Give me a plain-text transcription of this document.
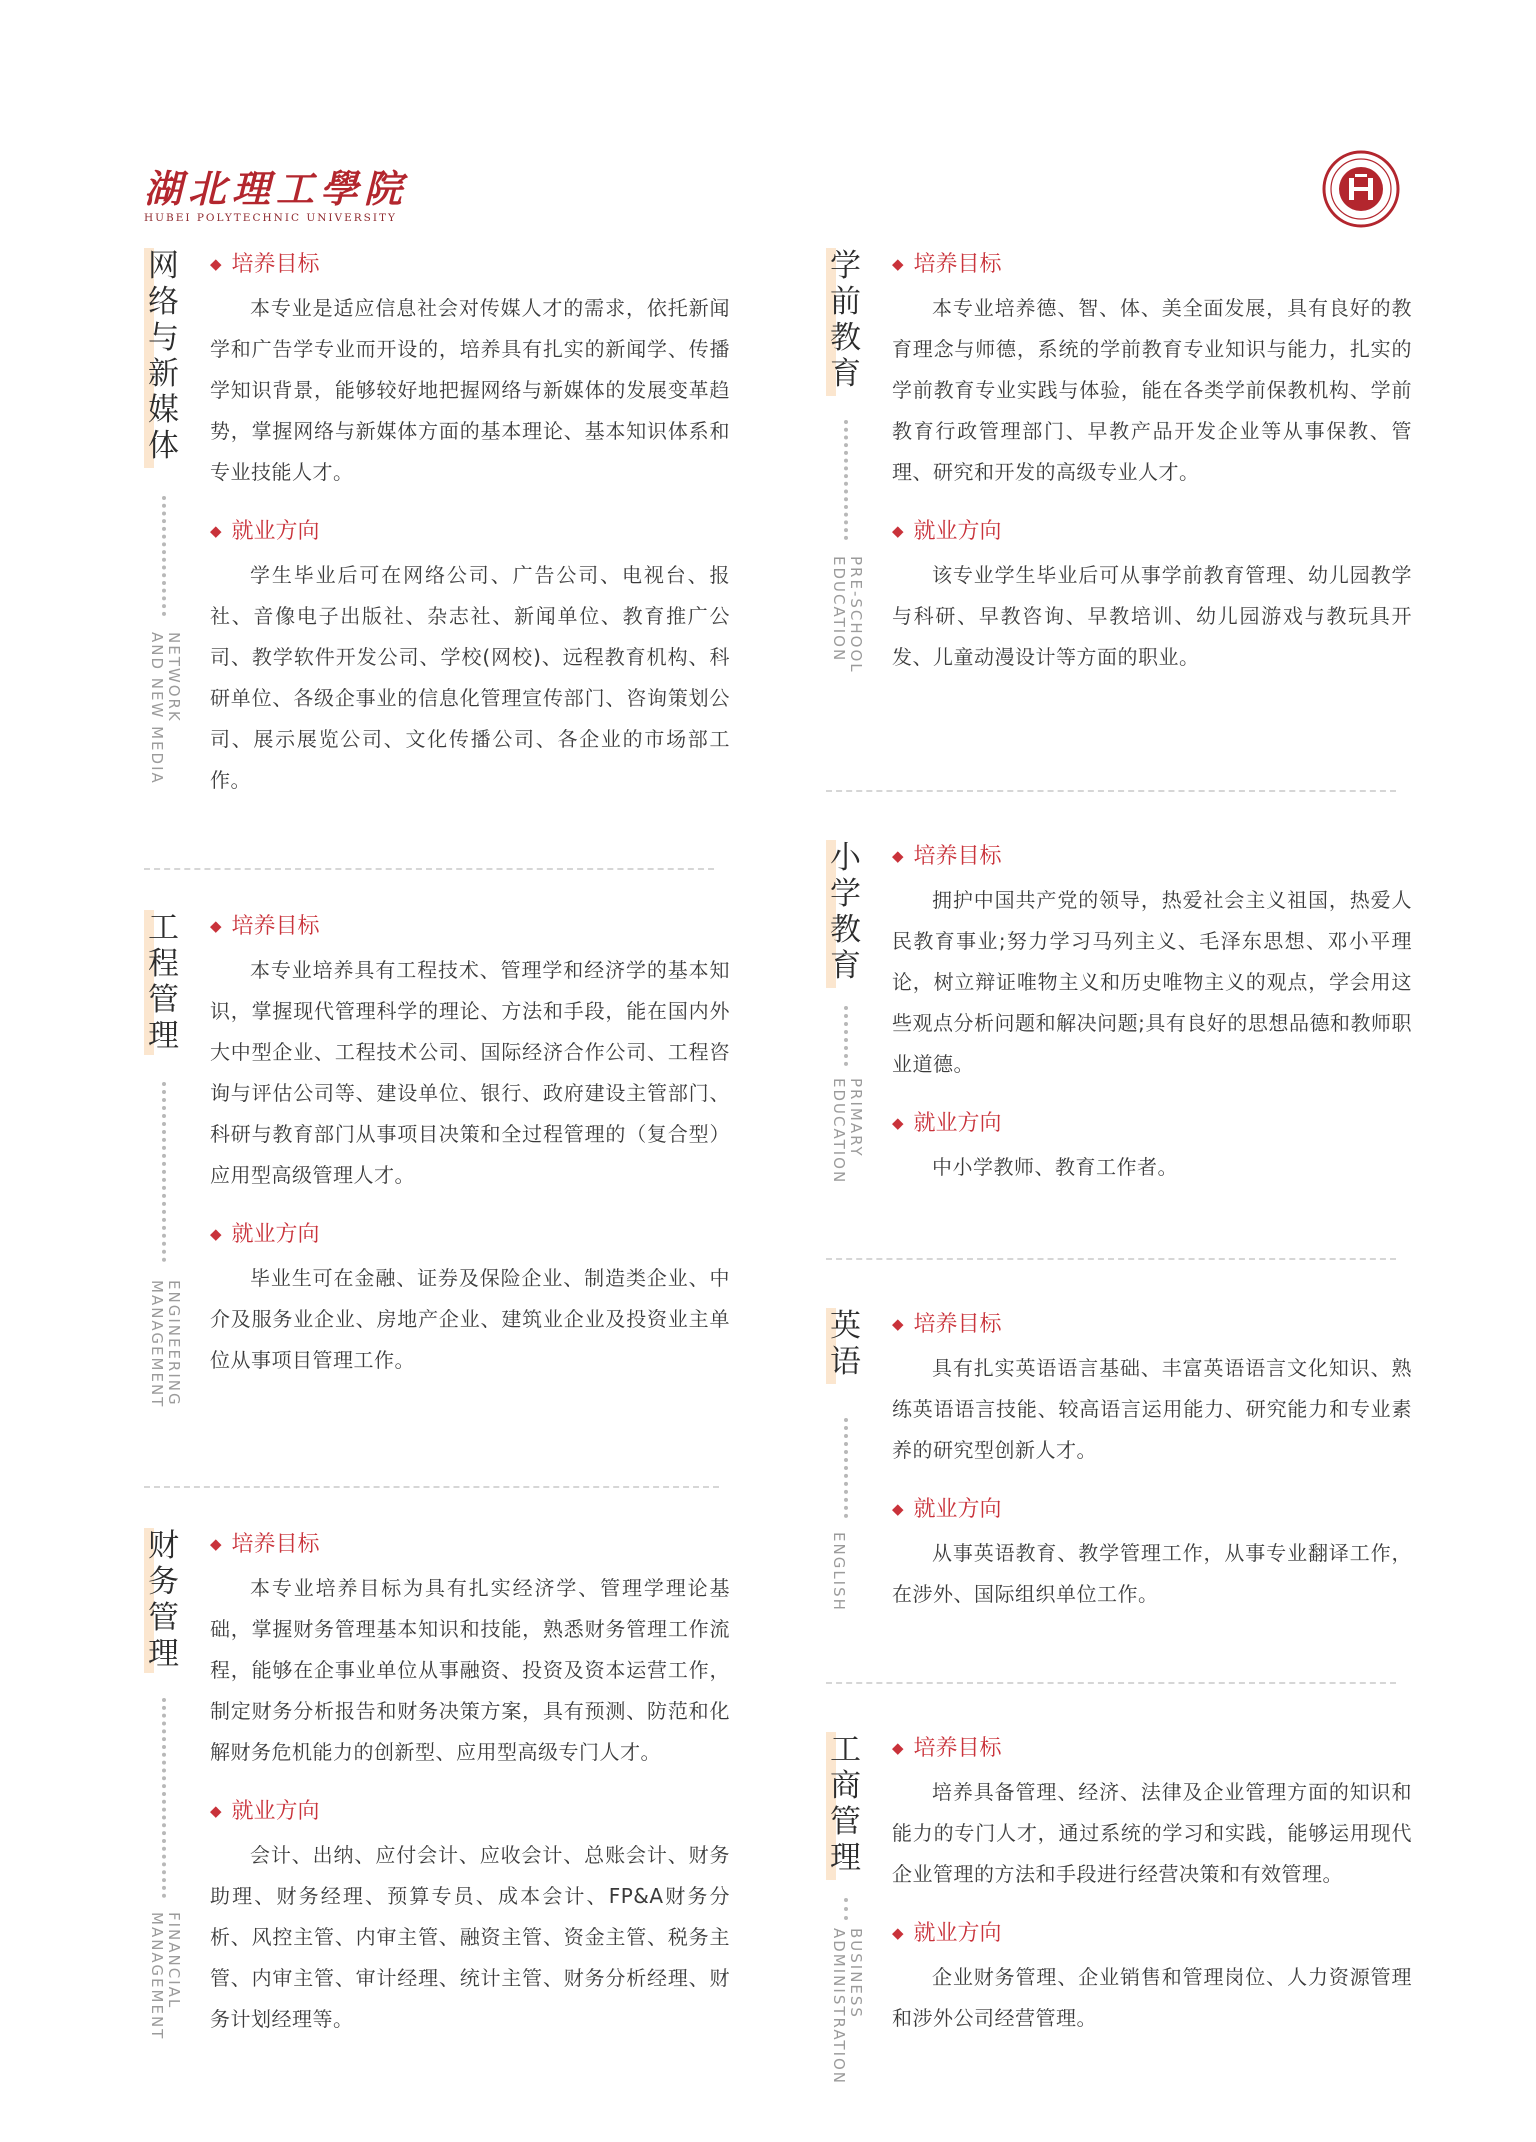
湖北理工學院
HUBEI POLYTECHNIC UNIVERSITY
网络与新媒体
NETWORK
AND NEW MEDIA
◆ 培养目标

本专业是适应信息社会对传媒人才的需求，依托新闻学和广告学专业而开设的，培养具有扎实的新闻学、传播学知识背景，能够较好地把握网络与新媒体的发展变革趋势，掌握网络与新媒体方面的基本理论、基本知识体系和专业技能人才。

◆ 就业方向

学生毕业后可在网络公司、广告公司、电视台、报社、音像电子出版社、杂志社、新闻单位、教育推广公司、教学软件开发公司、学校(网校)、远程教育机构、科研单位、各级企事业的信息化管理宣传部门、咨询策划公司、展示展览公司、文化传播公司、各企业的市场部工作。

工程管理
ENGINEERING
MANAGEMENT
◆ 培养目标

本专业培养具有工程技术、管理学和经济学的基本知识，掌握现代管理科学的理论、方法和手段，能在国内外大中型企业、工程技术公司、国际经济合作公司、工程咨询与评估公司等、建设单位、银行、政府建设主管部门、科研与教育部门从事项目决策和全过程管理的（复合型）应用型高级管理人才。

◆ 就业方向

毕业生可在金融、证券及保险企业、制造类企业、中介及服务业企业、房地产企业、建筑业企业及投资业主单位从事项目管理工作。

财务管理
FINANCIAL
MANAGEMENT
◆ 培养目标

本专业培养目标为具有扎实经济学、管理学理论基础，掌握财务管理基本知识和技能，熟悉财务管理工作流程，能够在企事业单位从事融资、投资及资本运营工作，制定财务分析报告和财务决策方案，具有预测、防范和化解财务危机能力的创新型、应用型高级专门人才。

◆ 就业方向

会计、出纳、应付会计、应收会计、总账会计、财务助理、财务经理、预算专员、成本会计、FP&A财务分析、风控主管、内审主管、融资主管、资金主管、税务主管、内审主管、审计经理、统计主管、财务分析经理、财务计划经理等。

学前教育
PRE-SCHOOL
EDUCATION
◆ 培养目标

本专业培养德、智、体、美全面发展，具有良好的教育理念与师德，系统的学前教育专业知识与能力，扎实的学前教育专业实践与体验，能在各类学前保教机构、学前教育行政管理部门、早教产品开发企业等从事保教、管理、研究和开发的高级专业人才。

◆ 就业方向

该专业学生毕业后可从事学前教育管理、幼儿园教学与科研、早教咨询、早教培训、幼儿园游戏与教玩具开发、儿童动漫设计等方面的职业。

小学教育
PRIMARY
EDUCATION
◆ 培养目标

拥护中国共产党的领导，热爱社会主义祖国，热爱人民教育事业;努力学习马列主义、毛泽东思想、邓小平理论，树立辩证唯物主义和历史唯物主义的观点，学会用这些观点分析问题和解决问题;具有良好的思想品德和教师职业道德。

◆ 就业方向

中小学教师、教育工作者。

英语
ENGLISH
◆ 培养目标

具有扎实英语语言基础、丰富英语语言文化知识、熟练英语语言技能、较高语言运用能力、研究能力和专业素养的研究型创新人才。

◆ 就业方向

从事英语教育、教学管理工作，从事专业翻译工作，在涉外、国际组织单位工作。

工商管理
BUSINESS
ADMINISTRATION
◆ 培养目标

培养具备管理、经济、法律及企业管理方面的知识和能力的专门人才，通过系统的学习和实践，能够运用现代企业管理的方法和手段进行经营决策和有效管理。

◆ 就业方向

企业财务管理、企业销售和管理岗位、人力资源管理和涉外公司经营管理。
